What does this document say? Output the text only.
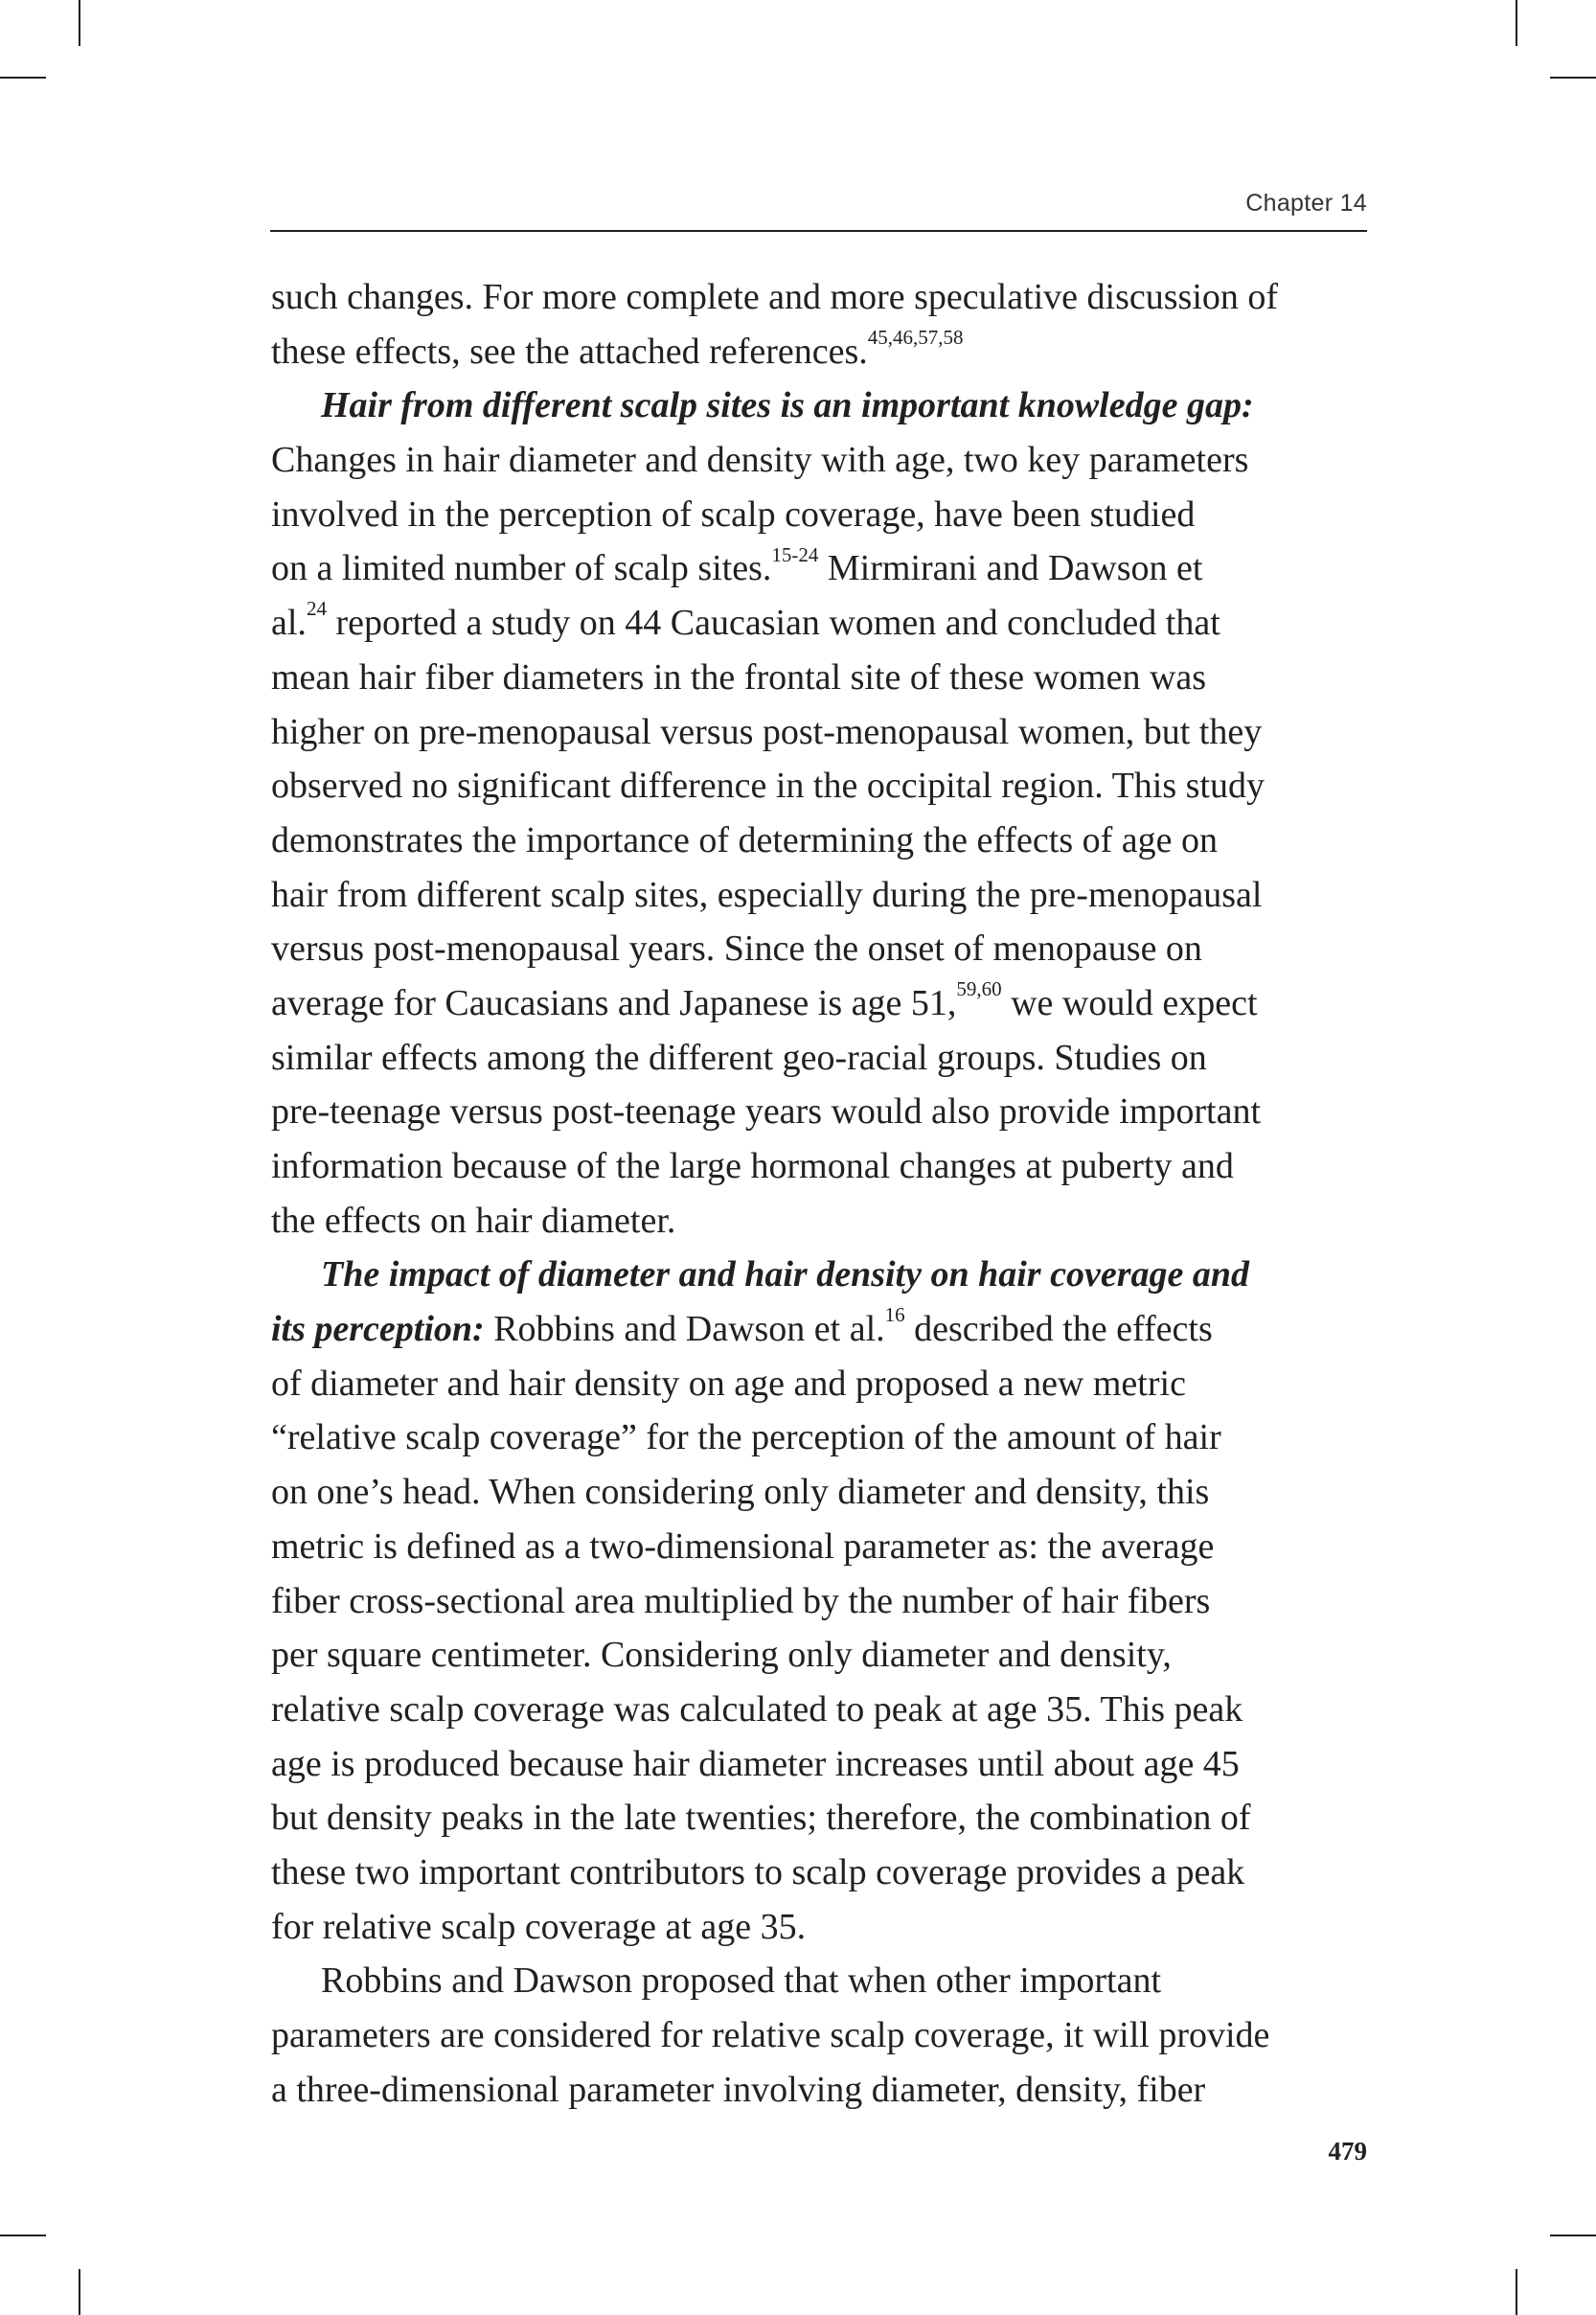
Chapter 14
such changes. For more complete and more speculative discussion of
these effects, see the attached references.$^{45,46,57,58}$
Hair from different scalp sites is an important knowledge gap:
Changes in hair diameter and density with age, two key parameters
involved in the perception of scalp coverage, have been studied
on a limited number of scalp sites.$^{15-24}$ Mirmirani and Dawson et
al.$^{24}$ reported a study on 44 Caucasian women and concluded that
mean hair fiber diameters in the frontal site of these women was
higher on pre-menopausal versus post-menopausal women, but they
observed no significant difference in the occipital region. This study
demonstrates the importance of determining the effects of age on
hair from different scalp sites, especially during the pre-menopausal
versus post-menopausal years. Since the onset of menopause on
average for Caucasians and Japanese is age 51,$^{59,60}$ we would expect
similar effects among the different geo-racial groups. Studies on
pre-teenage versus post-teenage years would also provide important
information because of the large hormonal changes at puberty and
the effects on hair diameter.
The impact of diameter and hair density on hair coverage and
its perception: Robbins and Dawson et al.$^{16}$ described the effects
of diameter and hair density on age and proposed a new metric
“relative scalp coverage” for the perception of the amount of hair
on one’s head. When considering only diameter and density, this
metric is defined as a two-dimensional parameter as: the average
fiber cross-sectional area multiplied by the number of hair fibers
per square centimeter. Considering only diameter and density,
relative scalp coverage was calculated to peak at age 35. This peak
age is produced because hair diameter increases until about age 45
but density peaks in the late twenties; therefore, the combination of
these two important contributors to scalp coverage provides a peak
for relative scalp coverage at age 35.
Robbins and Dawson proposed that when other important
parameters are considered for relative scalp coverage, it will provide
a three-dimensional parameter involving diameter, density, fiber
479
